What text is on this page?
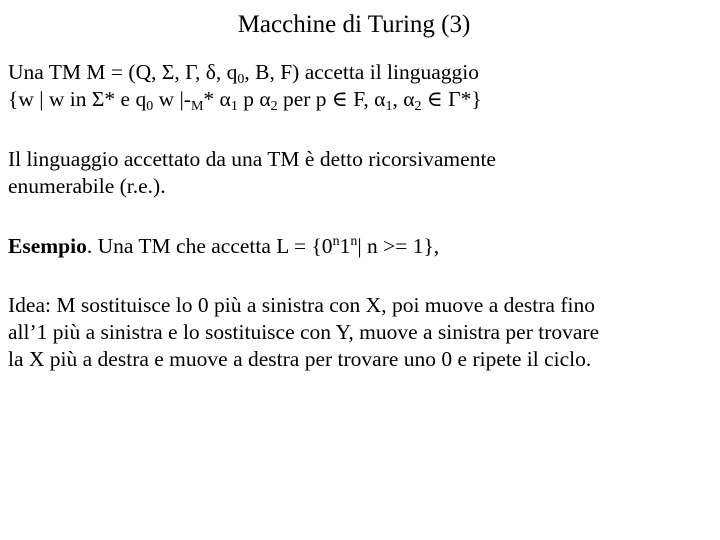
Macchine di Turing (3)
Una TM M = (Q, Σ, Γ, δ, $q_0$, B, F) accetta il linguaggio
{w | w in Σ* e $q_0$ w $|-_M*$ $\alpha_1$ p $\alpha_2$ per p ∈ F, $\alpha_1$, $\alpha_2$ ∈ Γ*}
Il linguaggio accettato da una TM è detto ricorsivamente
enumerabile (r.e.).
Esempio. Una TM che accetta $L = \{0^n1^n|$ n >= 1},
Idea: M sostituisce lo 0 più a sinistra con X, poi muove a destra fino
all’1 più a sinistra e lo sostituisce con Y, muove a sinistra per trovare
la X più a destra e muove a destra per trovare uno 0 e ripete il ciclo.
